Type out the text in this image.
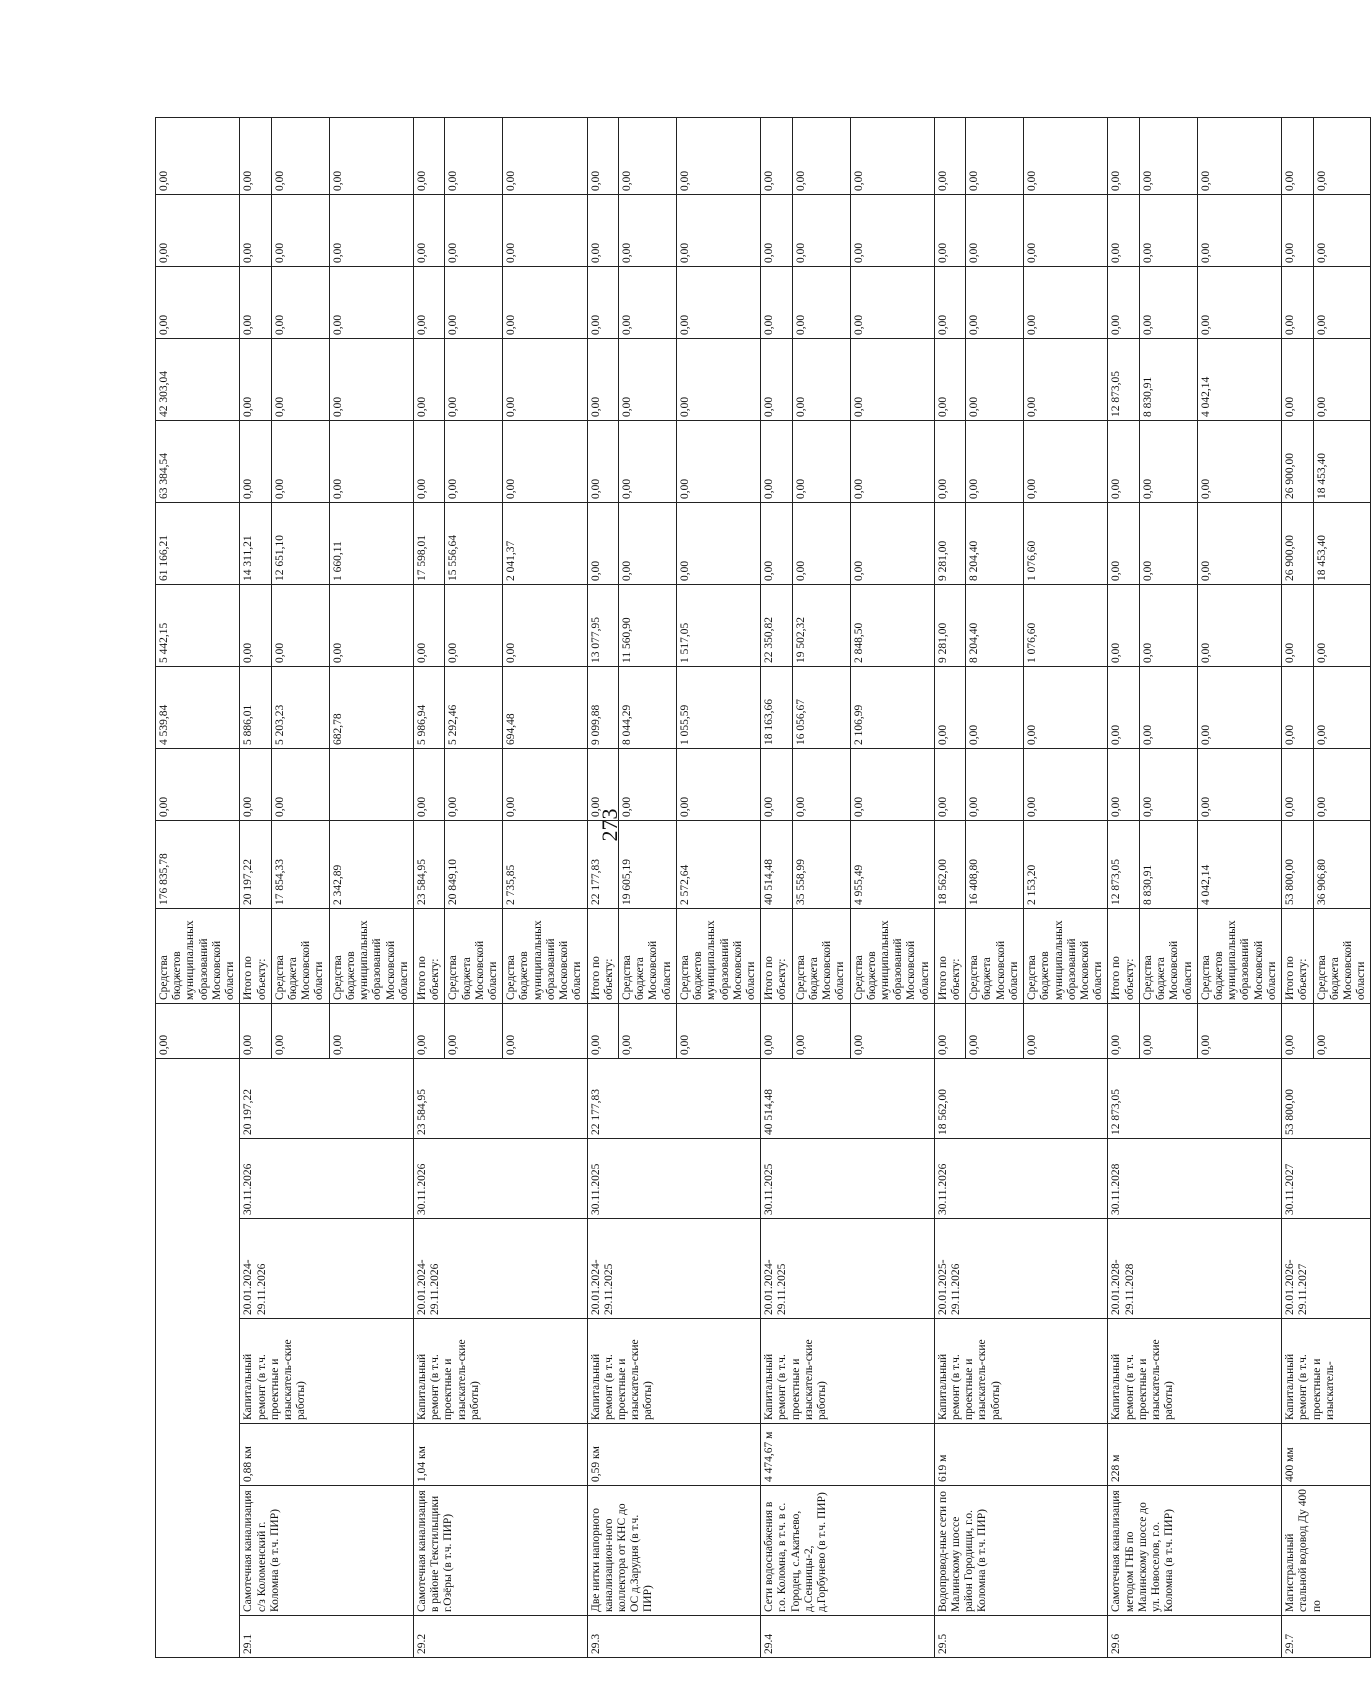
273
							0,00	Средства бюджетов муниципальных образований Московской области	176 835,78	0,00	4 539,84	5 442,15	61 166,21	63 384,54	42 303,04	0,00	0,00	0,00
29.1	Самотечная канализация с/з Коломенский г. Коломна (в т.ч. ПИР)	0,88 км	Капитальный ремонт (в т.ч. проектные и изыскатель-ские работы)	20.01.2024-29.11.2026	30.11.2026	20 197,22	0,00	Итого по объекту:	20 197,22	0,00	5 886,01	0,00	14 311,21	0,00	0,00	0,00	0,00	0,00
							0,00	Средства бюджета Московской области	17 854,33	0,00	5 203,23	0,00	12 651,10	0,00	0,00	0,00	0,00	0,00
							0,00	Средства бюджетов муниципальных образований Московской области	2 342,89		682,78	0,00	1 660,11	0,00	0,00	0,00	0,00	0,00
29.2	Самотечная канализация в районе Текстильщики г.Озёры (в т.ч. ПИР)	1,04 км	Капитальный ремонт (в т.ч. проектные и изыскатель-ские работы)	20.01.2024-29.11.2026	30.11.2026	23 584,95	0,00	Итого по объекту:	23 584,95	0,00	5 986,94	0,00	17 598,01	0,00	0,00	0,00	0,00	0,00
							0,00	Средства бюджета Московской области	20 849,10	0,00	5 292,46	0,00	15 556,64	0,00	0,00	0,00	0,00	0,00
							0,00	Средства бюджетов муниципальных образований Московской области	2 735,85	0,00	694,48	0,00	2 041,37	0,00	0,00	0,00	0,00	0,00
29.3	Две нитки напорного канализацион-ного коллектора от КНС до ОС д.Зарудня (в т.ч. ПИР)	0,59 км	Капитальный ремонт (в т.ч. проектные и изыскатель-ские работы)	20.01.2024-29.11.2025	30.11.2025	22 177,83	0,00	Итого по объекту:	22 177,83	0,00	9 099,88	13 077,95	0,00	0,00	0,00	0,00	0,00	0,00
							0,00	Средства бюджета Московской области	19 605,19	0,00	8 044,29	11 560,90	0,00	0,00	0,00	0,00	0,00	0,00
							0,00	Средства бюджетов муниципальных образований Московской области	2 572,64	0,00	1 055,59	1 517,05	0,00	0,00	0,00	0,00	0,00	0,00
29.4	Сети водоснабжения в г.о. Коломна, в т.ч. в с. Городец, с.Акатьево, д.Сенницы-2, д.Горбунево (в т.ч. ПИР)	4 474,67 м	Капитальный ремонт (в т.ч. проектные и изыскатель-ские работы)	20.01.2024-29.11.2025	30.11.2025	40 514,48	0,00	Итого по объекту:	40 514,48	0,00	18 163,66	22 350,82	0,00	0,00	0,00	0,00	0,00	0,00
							0,00	Средства бюджета Московской области	35 558,99	0,00	16 056,67	19 502,32	0,00	0,00	0,00	0,00	0,00	0,00
							0,00	Средства бюджетов муниципальных образований Московской области	4 955,49	0,00	2 106,99	2 848,50	0,00	0,00	0,00	0,00	0,00	0,00
29.5	Водопровод-ные сети по Малинскому шоссе район Городищи, г.о. Коломна (в т.ч. ПИР)	619 м	Капитальный ремонт (в т.ч. проектные и изыскатель-ские работы)	20.01.2025-29.11.2026	30.11.2026	18 562,00	0,00	Итого по объекту:	18 562,00	0,00	0,00	9 281,00	9 281,00	0,00	0,00	0,00	0,00	0,00
							0,00	Средства бюджета Московской области	16 408,80	0,00	0,00	8 204,40	8 204,40	0,00	0,00	0,00	0,00	0,00
							0,00	Средства бюджетов муниципальных образований Московской области	2 153,20	0,00	0,00	1 076,60	1 076,60	0,00	0,00	0,00	0,00	0,00
29.6	Самотечная канализация методом ГНБ по Малинскому шоссе до ул. Новоселов, г.о. Коломна (в т.ч. ПИР)	228 м	Капитальный ремонт (в т.ч. проектные и изыскатель-ские работы)	20.01.2028-29.11.2028	30.11.2028	12 873,05	0,00	Итого по объекту:	12 873,05	0,00	0,00	0,00	0,00	0,00	12 873,05	0,00	0,00	0,00
							0,00	Средства бюджета Московской области	8 830,91	0,00	0,00	0,00	0,00	0,00	8 830,91	0,00	0,00	0,00
							0,00	Средства бюджетов муниципальных образований Московской области	4 042,14	0,00	0,00	0,00	0,00	0,00	4 042,14	0,00	0,00	0,00
29.7	Магистральный стальной водовод Ду 400 по	400 мм	Капитальный ремонт (в т.ч. проектные и изыскатель-	20.01.2026-29.11.2027	30.11.2027	53 800,00	0,00	Итого по объекту:	53 800,00	0,00	0,00	0,00	26 900,00	26 900,00	0,00	0,00	0,00	0,00
							0,00	Средства бюджета Московской области	36 906,80	0,00	0,00	0,00	18 453,40	18 453,40	0,00	0,00	0,00	0,00
